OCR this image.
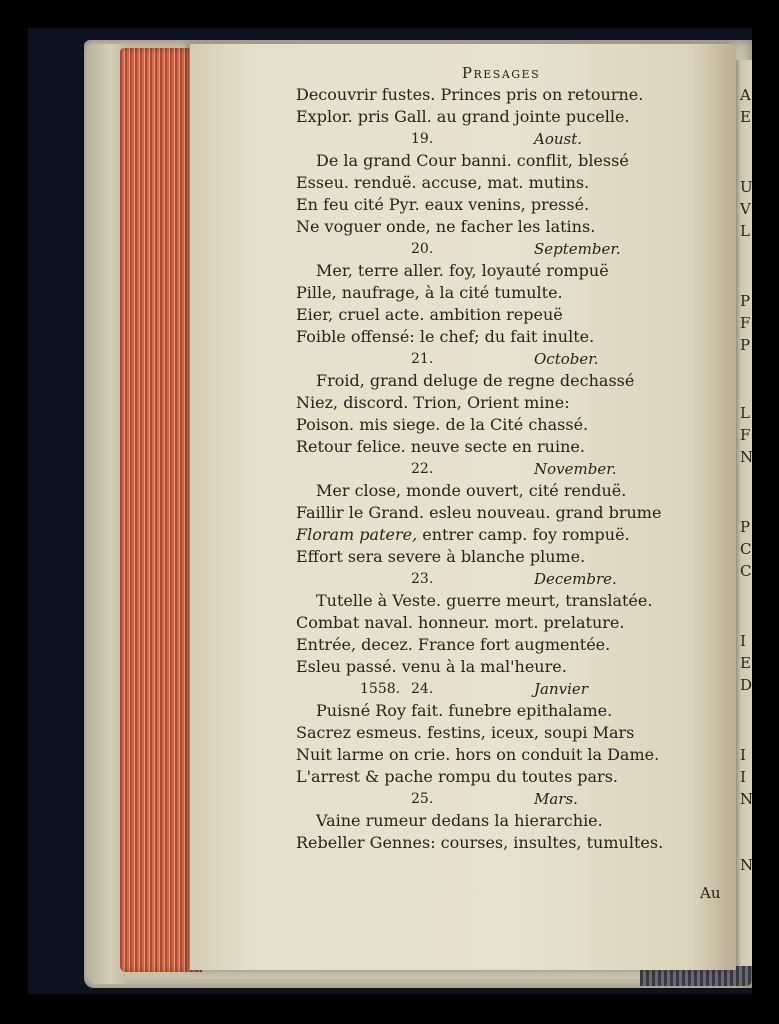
A
E
U
V
L
P
F
P
L
F
N
P
C
C
I
E
D
I
I
N
N
Presages
Decouvrir fustes. Princes pris on retourne.
Explor. pris Gall. au grand jointe pucelle.
19.	Aoust.
De la grand Cour banni. conflit, blessé
Esseu. renduë. accuse, mat. mutins.
En feu cité Pyr. eaux venins, pressé.
Ne voguer onde, ne facher les latins.
20.	September.
Mer, terre aller. foy, loyauté rompuë
Pille, naufrage, à la cité tumulte.
Eier, cruel acte. ambition repeuë
Foible offensé: le chef; du fait inulte.
21.	October.
Froid, grand deluge de regne dechassé
Niez, discord. Trion, Orient mine:
Poison. mis siege. de la Cité chassé.
Retour felice. neuve secte en ruine.
22.	November.
Mer close, monde ouvert, cité renduë.
Faillir le Grand. esleu nouveau. grand brume
Floram patere, entrer camp. foy rompuë.
Effort sera severe à blanche plume.
23.	Decembre.
Tutelle à Veste. guerre meurt, translatée.
Combat naval. honneur. mort. prelature.
Entrée, decez. France fort augmentée.
Esleu passé. venu à la mal'heure.
1558. 24.	Janvier
Puisné Roy fait. funebre epithalame.
Sacrez esmeus. festins, iceux, soupi Mars
Nuit larme on crie. hors on conduit la Dame.
L'arrest & pache rompu du toutes pars.
25.	Mars.
Vaine rumeur dedans la hierarchie.
Rebeller Gennes: courses, insultes, tumultes.
Au
